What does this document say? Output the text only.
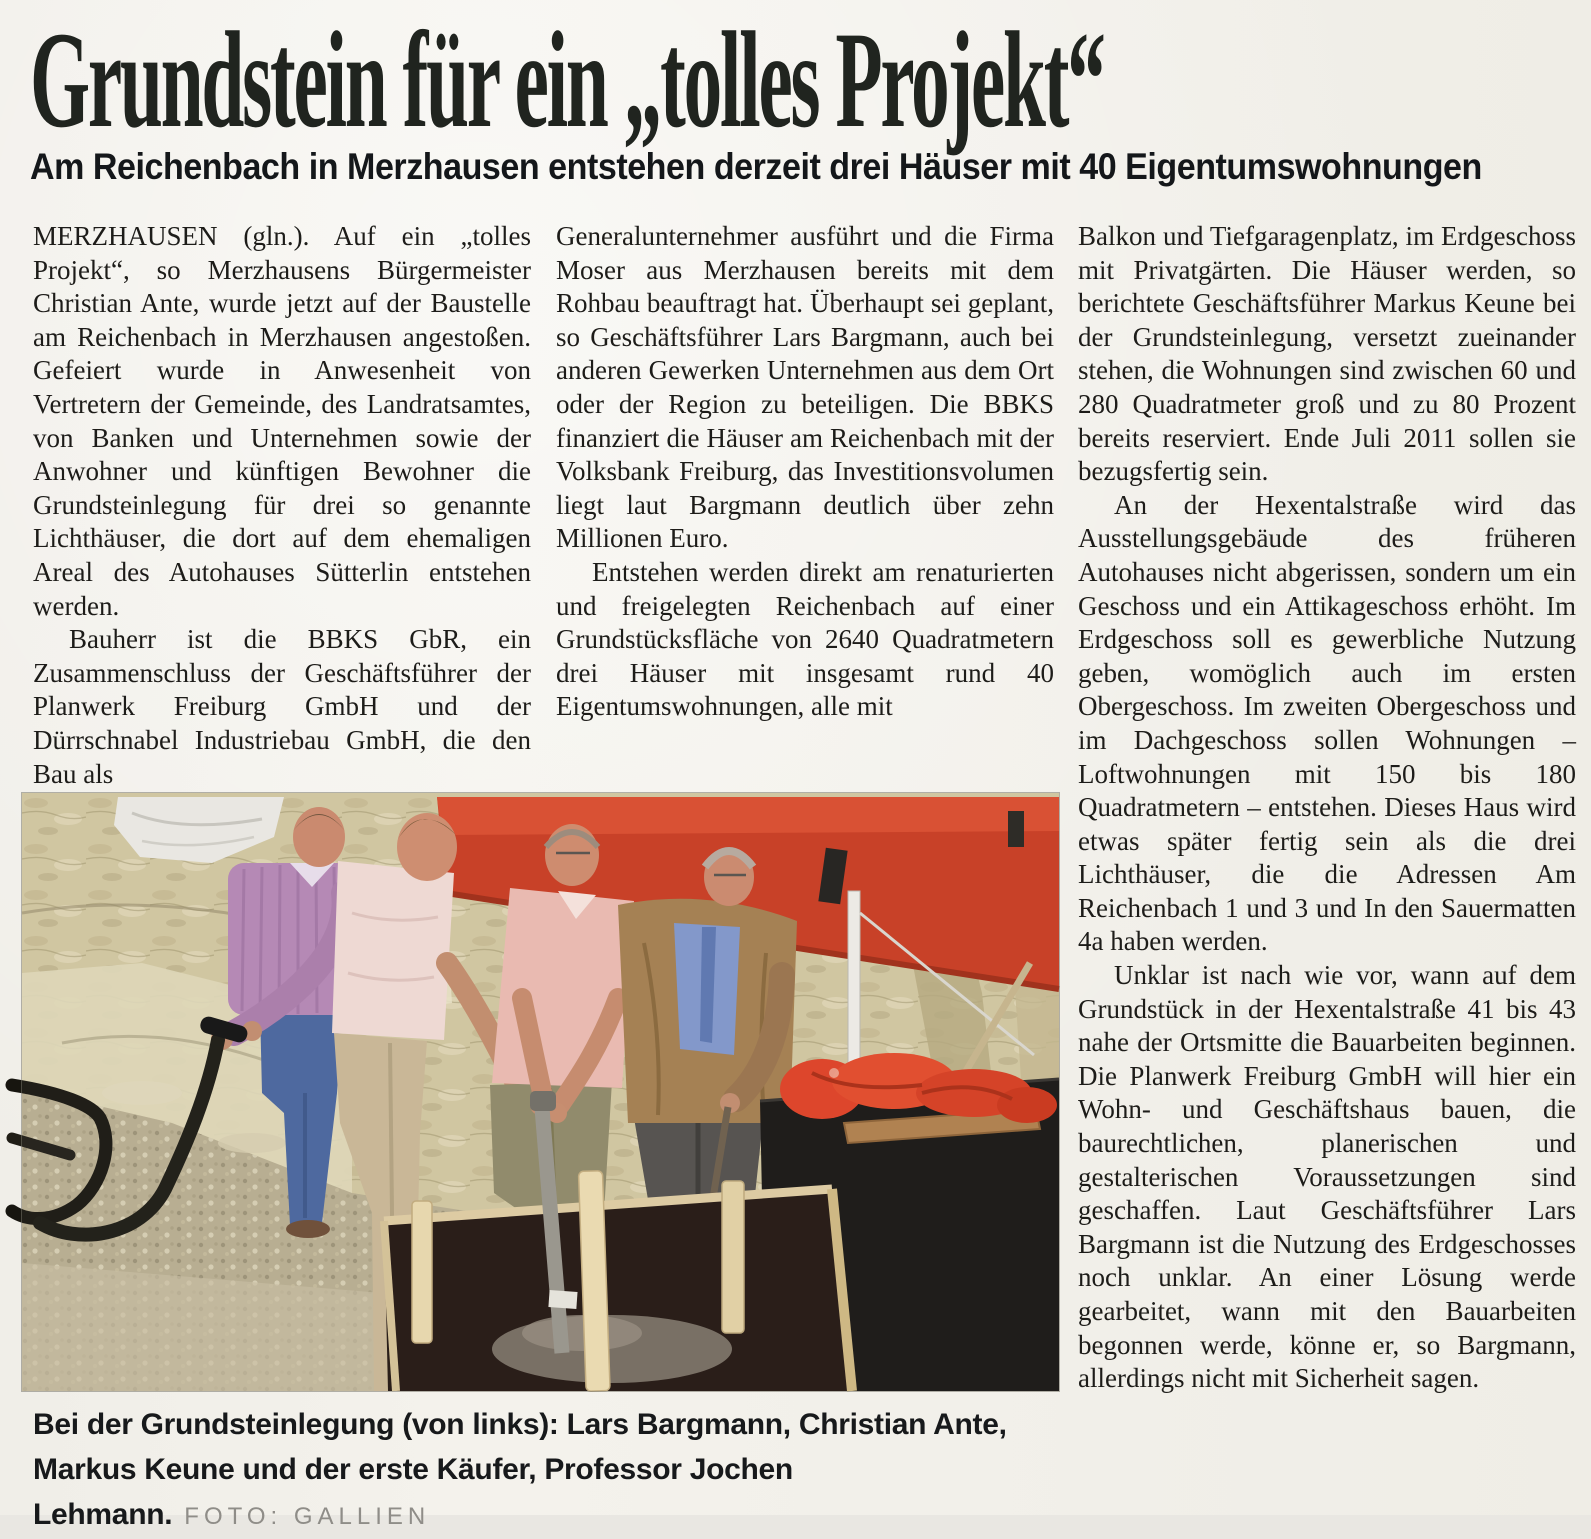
Grundstein für ein „tolles Projekt“
Am Reichenbach in Merzhausen entstehen derzeit drei Häuser mit 40 Eigentumswohnungen

MERZHAUSEN (gln.). Auf ein „tolles Projekt“, so Merzhausens Bürgermeister Christian Ante, wurde jetzt auf der Baustelle am Reichenbach in Merzhausen angestoßen. Gefeiert wurde in Anwesenheit von Vertretern der Gemeinde, des Landratsamtes, von Banken und Unternehmen sowie der Anwohner und künftigen Bewohner die Grundsteinlegung für drei so genannte Lichthäuser, die dort auf dem ehemaligen Areal des Autohauses Sütterlin entstehen werden.

Bauherr ist die BBKS GbR, ein Zusammenschluss der Geschäftsführer der Planwerk Freiburg GmbH und der Dürrschnabel Industriebau GmbH, die den Bau als

Generalunternehmer ausführt und die Firma Moser aus Merzhausen bereits mit dem Rohbau beauftragt hat. Überhaupt sei geplant, so Geschäftsführer Lars Bargmann, auch bei anderen Gewerken Unternehmen aus dem Ort oder der Region zu beteiligen. Die BBKS finanziert die Häuser am Reichenbach mit der Volksbank Freiburg, das Investitionsvolumen liegt laut Bargmann deutlich über zehn Millionen Euro.

Entstehen werden direkt am renaturierten und freigelegten Reichenbach auf einer Grundstücksfläche von 2640 Quadratmetern drei Häuser mit insgesamt rund 40 Eigentumswohnungen, alle mit

Balkon und Tiefgaragenplatz, im Erdgeschoss mit Privatgärten. Die Häuser werden, so berichtete Geschäftsführer Markus Keune bei der Grundsteinlegung, versetzt zueinander stehen, die Wohnungen sind zwischen 60 und 280 Quadratmeter groß und zu 80 Prozent bereits reserviert. Ende Juli 2011 sollen sie bezugsfertig sein.

An der Hexentalstraße wird das Ausstellungsgebäude des früheren Autohauses nicht abgerissen, sondern um ein Geschoss und ein Attikageschoss erhöht. Im Erdgeschoss soll es gewerbliche Nutzung geben, womöglich auch im ersten Obergeschoss. Im zweiten Obergeschoss und im Dachgeschoss sollen Wohnungen – Loftwohnungen mit 150 bis 180 Quadratmetern – entstehen. Dieses Haus wird etwas später fertig sein als die drei Lichthäuser, die die Adressen Am Reichenbach 1 und 3 und In den Sauermatten 4a haben werden.

Unklar ist nach wie vor, wann auf dem Grundstück in der Hexentalstraße 41 bis 43 nahe der Ortsmitte die Bauarbeiten beginnen. Die Planwerk Freiburg GmbH will hier ein Wohn- und Geschäftshaus bauen, die baurechtlichen, planerischen und gestalterischen Voraussetzungen sind geschaffen. Laut Geschäftsführer Lars Bargmann ist die Nutzung des Erdgeschosses noch unklar. An einer Lösung werde gearbeitet, wann mit den Bauarbeiten begonnen werde, könne er, so Bargmann, allerdings nicht mit Sicherheit sagen.

Bei der Grundsteinlegung (von links): Lars Bargmann, Christian Ante, Markus Keune und der erste Käufer, Professor Jochen Lehmann. FOTO: GALLIEN
